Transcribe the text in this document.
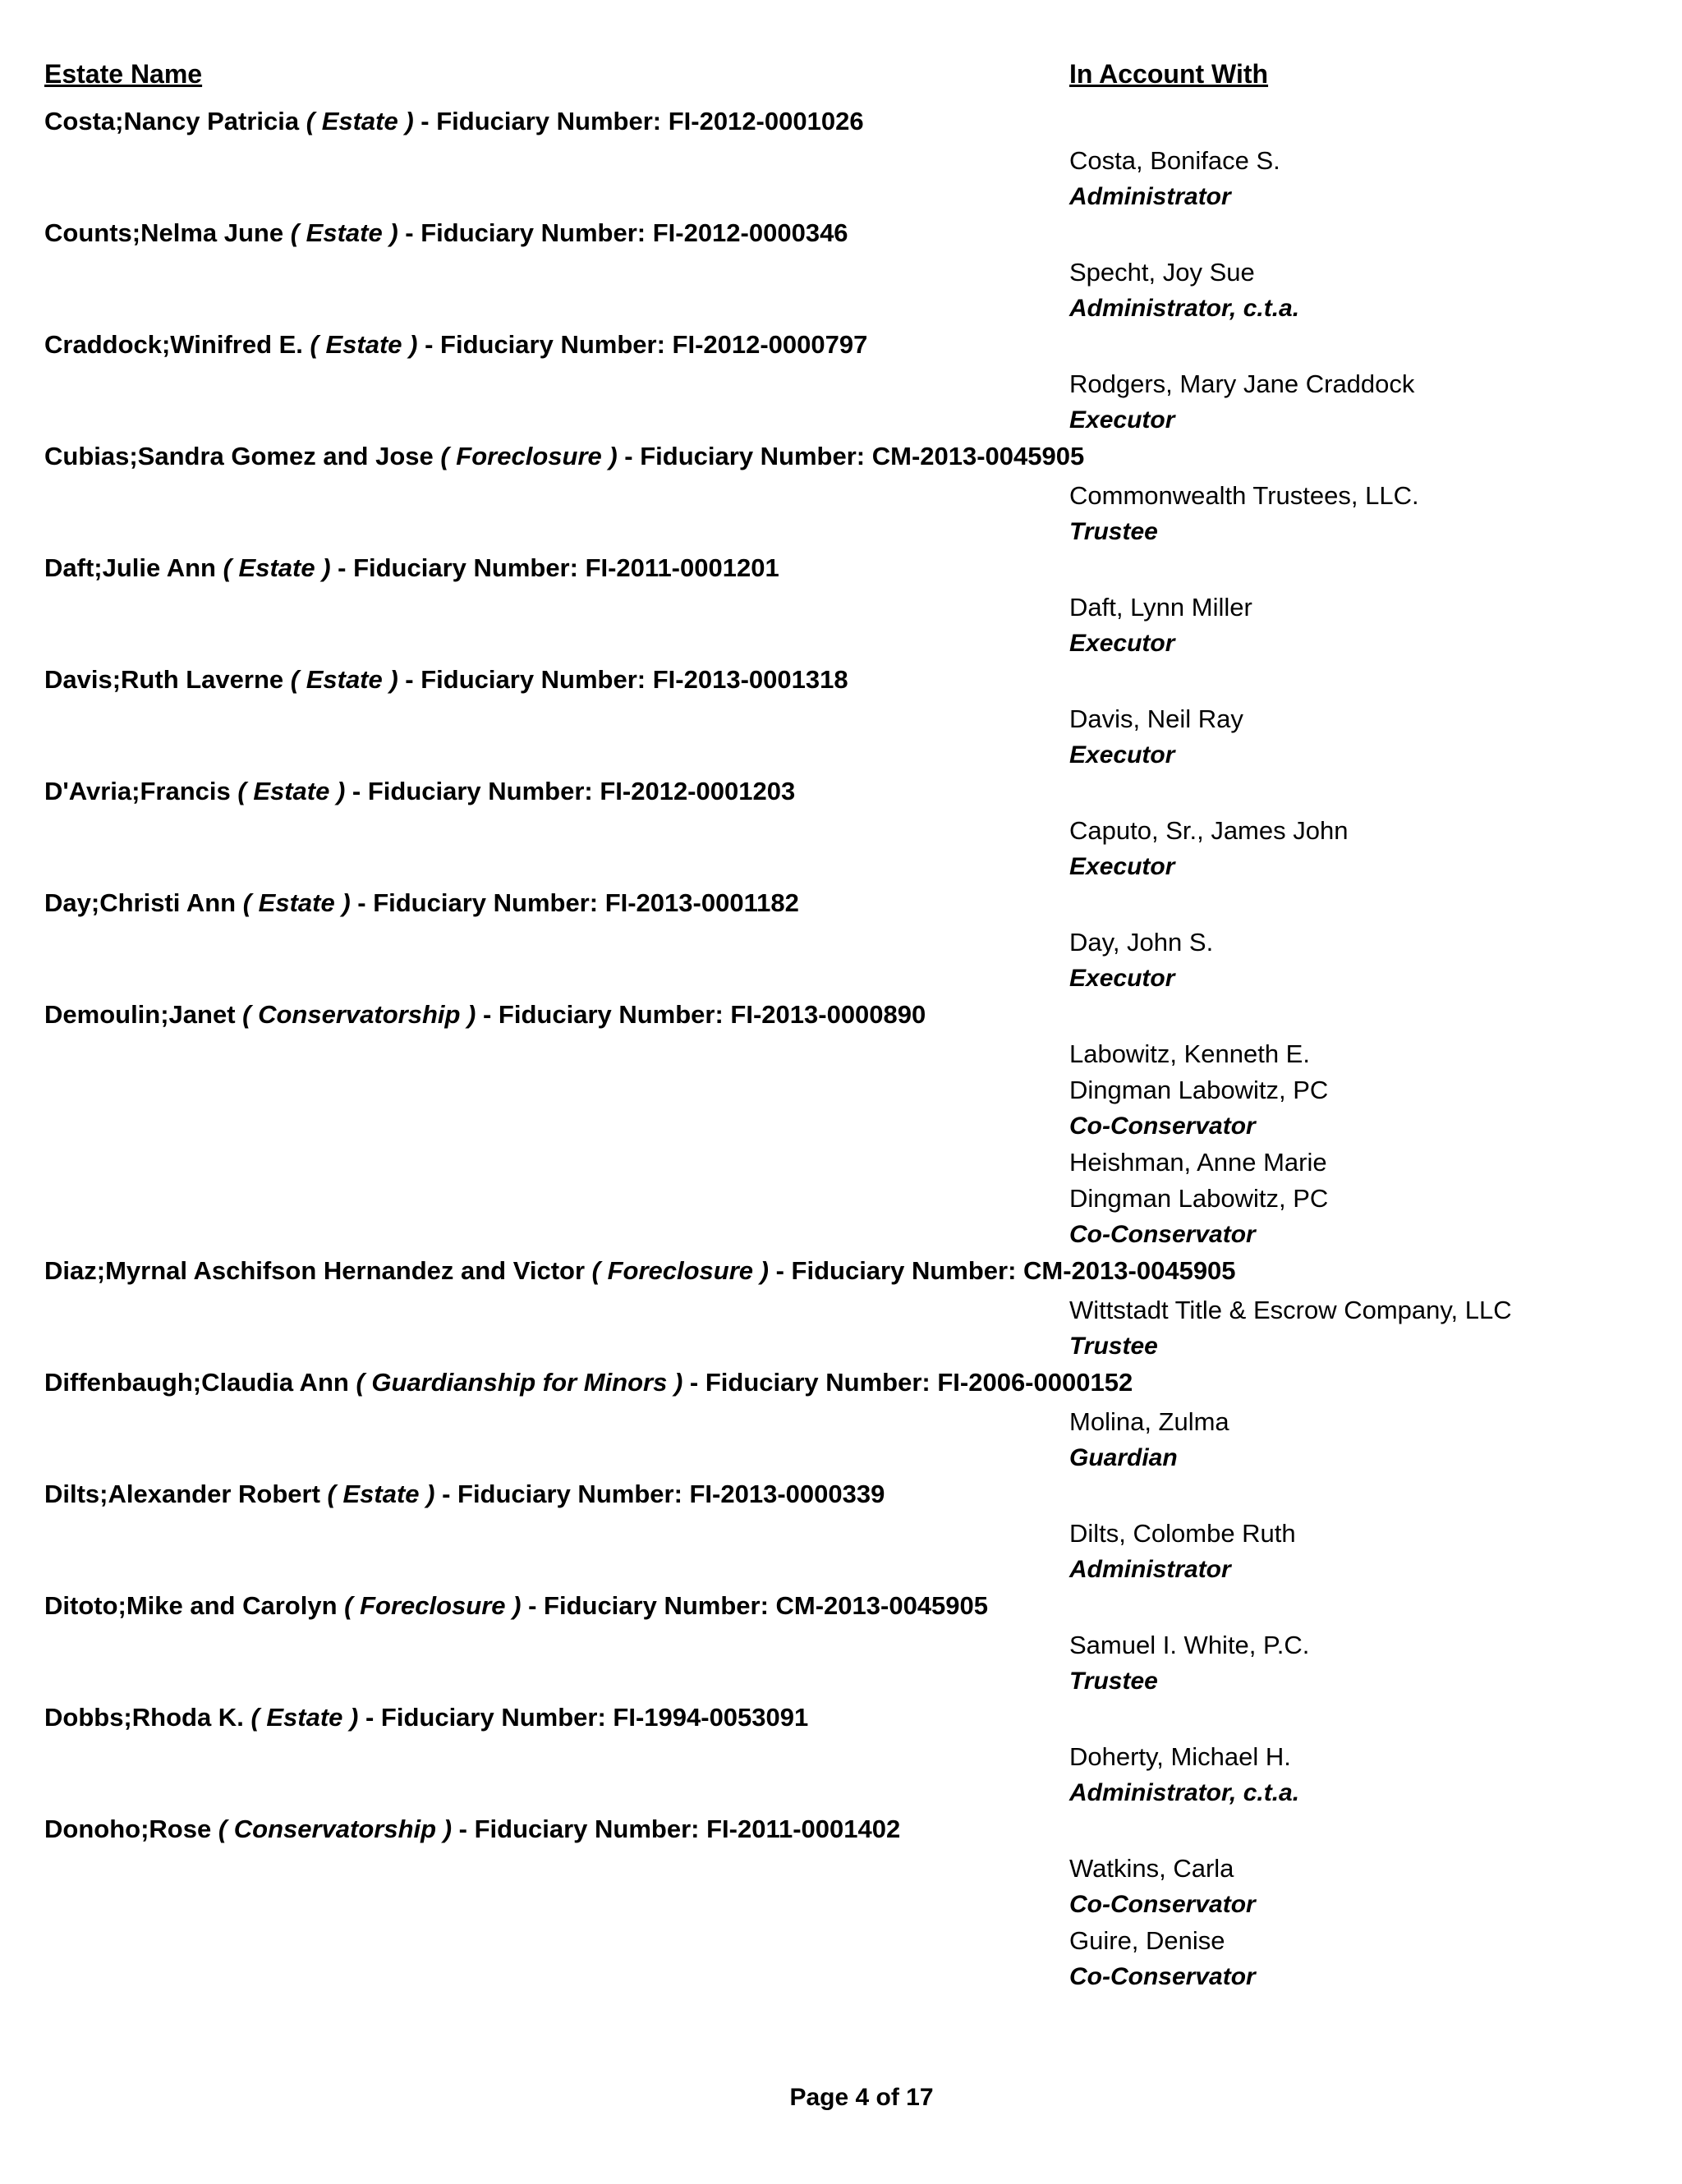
Estate Name	In Account With
Costa;Nancy Patricia ( Estate ) - Fiduciary Number: FI-2012-0001026
Costa, Boniface S.
Administrator
Counts;Nelma June ( Estate ) - Fiduciary Number: FI-2012-0000346
Specht, Joy Sue
Administrator, c.t.a.
Craddock;Winifred E. ( Estate ) - Fiduciary Number: FI-2012-0000797
Rodgers, Mary Jane Craddock
Executor
Cubias;Sandra Gomez and Jose ( Foreclosure ) - Fiduciary Number: CM-2013-0045905
Commonwealth Trustees, LLC.
Trustee
Daft;Julie Ann ( Estate ) - Fiduciary Number: FI-2011-0001201
Daft, Lynn Miller
Executor
Davis;Ruth Laverne ( Estate ) - Fiduciary Number: FI-2013-0001318
Davis, Neil Ray
Executor
D'Avria;Francis ( Estate ) - Fiduciary Number: FI-2012-0001203
Caputo, Sr., James John
Executor
Day;Christi Ann ( Estate ) - Fiduciary Number: FI-2013-0001182
Day, John S.
Executor
Demoulin;Janet ( Conservatorship ) - Fiduciary Number: FI-2013-0000890
Labowitz, Kenneth E.
Dingman Labowitz, PC
Co-Conservator
Heishman, Anne Marie
Dingman Labowitz, PC
Co-Conservator
Diaz;Myrnal Aschifson Hernandez and Victor ( Foreclosure ) - Fiduciary Number: CM-2013-0045905
Wittstadt Title & Escrow Company, LLC
Trustee
Diffenbaugh;Claudia Ann ( Guardianship for Minors ) - Fiduciary Number: FI-2006-0000152
Molina, Zulma
Guardian
Dilts;Alexander Robert ( Estate ) - Fiduciary Number: FI-2013-0000339
Dilts, Colombe Ruth
Administrator
Ditoto;Mike and Carolyn ( Foreclosure ) - Fiduciary Number: CM-2013-0045905
Samuel I. White, P.C.
Trustee
Dobbs;Rhoda K. ( Estate ) - Fiduciary Number: FI-1994-0053091
Doherty, Michael H.
Administrator, c.t.a.
Donoho;Rose ( Conservatorship ) - Fiduciary Number: FI-2011-0001402
Watkins, Carla
Co-Conservator
Guire, Denise
Co-Conservator
Page 4 of 17
